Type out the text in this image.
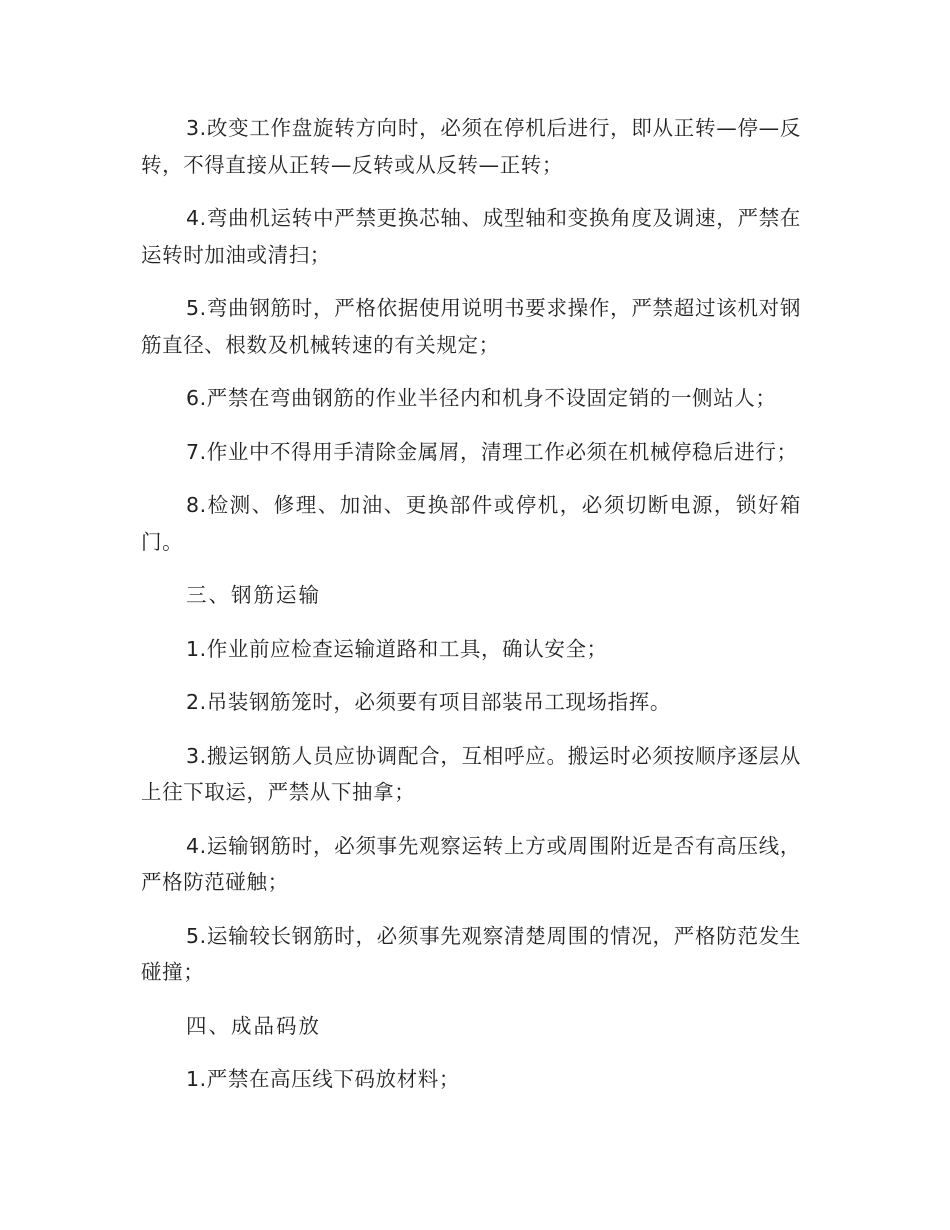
3.改变工作盘旋转方向时，必须在停机后进行，即从正转—停—反转，不得直接从正转—反转或从反转—正转；

4.弯曲机运转中严禁更换芯轴、成型轴和变换角度及调速，严禁在运转时加油或清扫；

5.弯曲钢筋时，严格依据使用说明书要求操作，严禁超过该机对钢筋直径、根数及机械转速的有关规定；

6.严禁在弯曲钢筋的作业半径内和机身不设固定销的一侧站人；

7.作业中不得用手清除金属屑，清理工作必须在机械停稳后进行；

8.检测、修理、加油、更换部件或停机，必须切断电源，锁好箱门。

三、钢筋运输

1.作业前应检查运输道路和工具，确认安全；

2.吊装钢筋笼时，必须要有项目部装吊工现场指挥。

3.搬运钢筋人员应协调配合，互相呼应。搬运时必须按顺序逐层从上往下取运，严禁从下抽拿；

4.运输钢筋时，必须事先观察运转上方或周围附近是否有高压线，严格防范碰触；

5.运输较长钢筋时，必须事先观察清楚周围的情况，严格防范发生碰撞；

四、成品码放

1.严禁在高压线下码放材料；
